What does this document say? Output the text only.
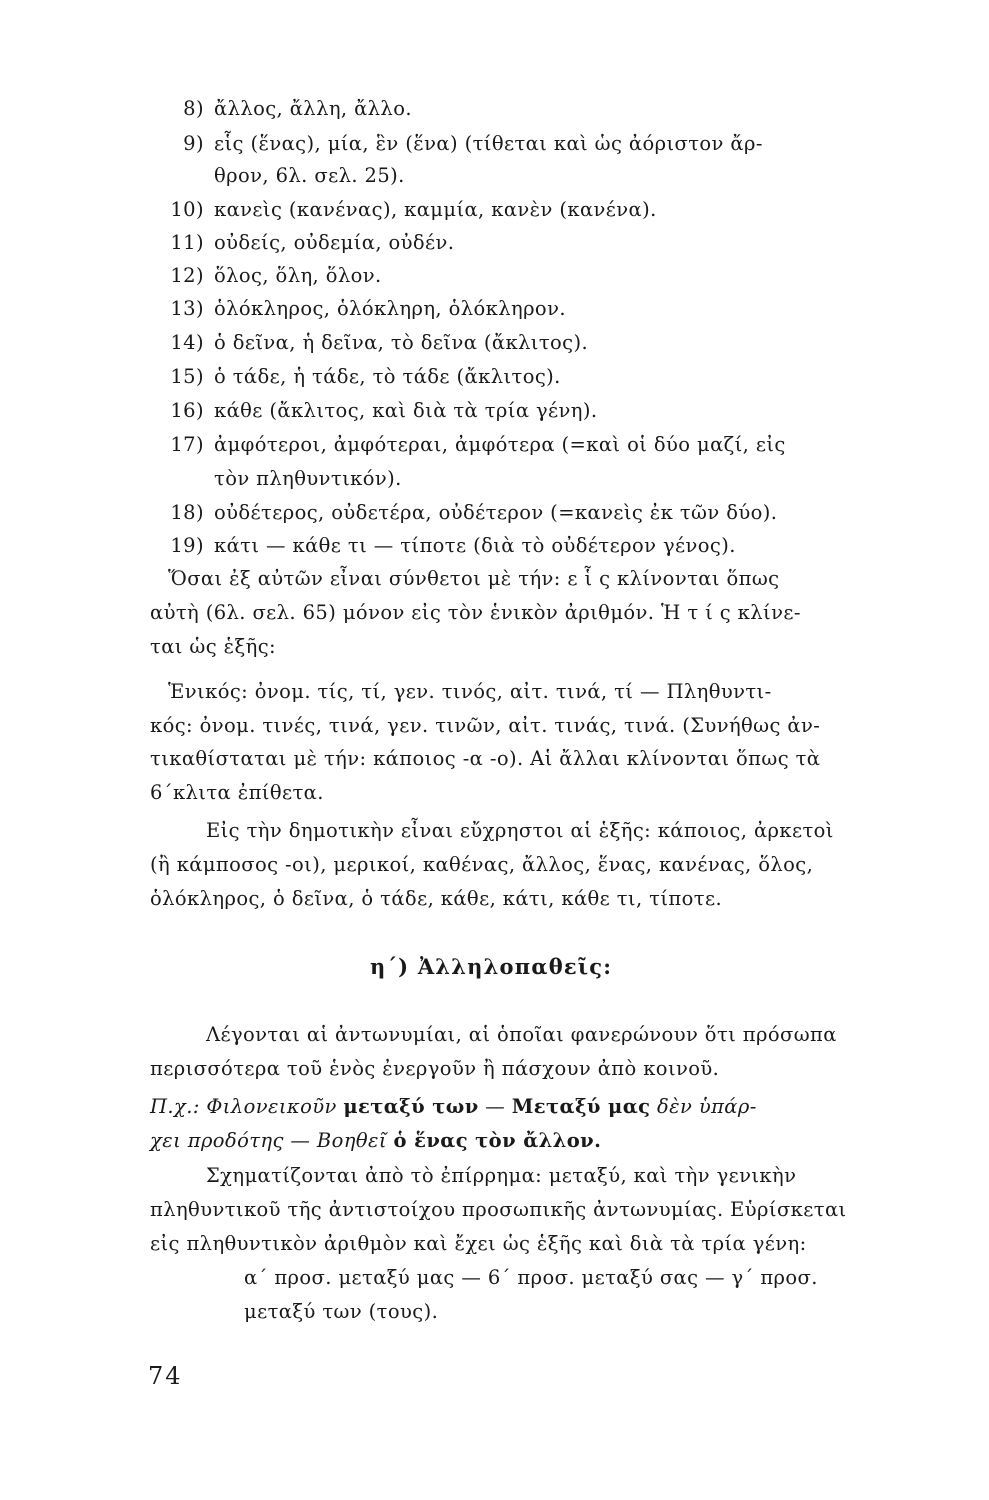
8) ἄλλος, ἄλλη, ἄλλο.
9) εἷς (ἕνας), μία, ἓν (ἕνα) (τίθεται καὶ ὡς ἀόριστον ἄρ-
θρον, 6λ. σελ. 25).
10) κανεὶς (κανένας), καμμία, κανὲν (κανένα).
11) οὐδείς, οὐδεμία, οὐδέν.
12) ὅλος, ὅλη, ὅλον.
13) ὁλόκληρος, ὁλόκληρη, ὁλόκληρον.
14) ὁ δεῖνα, ἡ δεῖνα, τὸ δεῖνα (ἄκλιτος).
15) ὁ τάδε, ἡ τάδε, τὸ τάδε (ἄκλιτος).
16) κάθε (ἄκλιτος, καὶ διὰ τὰ τρία γένη).
17) ἀμφότεροι, ἀμφότεραι, ἀμφότερα (=καὶ οἱ δύο μαζί, εἰς
τὸν πληθυντικόν).
18) οὐδέτερος, οὐδετέρα, οὐδέτερον (=κανεὶς ἐκ τῶν δύο).
19) κάτι — κάθε τι — τίποτε (διὰ τὸ οὐδέτερον γένος).
Ὅσαι ἐξ αὐτῶν εἶναι σύνθετοι μὲ τήν: ε ἷ ς κλίνονται ὅπως
αὐτὴ (6λ. σελ. 65) μόνον εἰς τὸν ἑνικὸν ἀριθμόν. Ἡ τ ί ς κλίνε-
ται ὡς ἑξῆς:
Ἑνικός: ὀνομ. τίς, τί, γεν. τινός, αἰτ. τινά, τί — Πληθυντι-
κός: ὀνομ. τινές, τινά, γεν. τινῶν, αἰτ. τινάς, τινά. (Συνήθως ἀν-
τικαθίσταται μὲ τήν: κάποιος -α -ο). Αἱ ἄλλαι κλίνονται ὅπως τὰ
6΄κλιτα ἐπίθετα.
Εἰς τὴν δημοτικὴν εἶναι εὔχρηστοι αἱ ἑξῆς: κάποιος, ἀρκετοὶ
(ἢ κάμποσος -οι), μερικοί, καθένας, ἄλλος, ἕνας, κανένας, ὅλος,
ὁλόκληρος, ὁ δεῖνα, ὁ τάδε, κάθε, κάτι, κάθε τι, τίποτε.
η΄) Ἀλληλοπαθεῖς:
Λέγονται αἱ ἀντωνυμίαι, αἱ ὁποῖαι φανερώνουν ὅτι πρόσωπα
περισσότερα τοῦ ἑνὸς ἐνεργοῦν ἢ πάσχουν ἀπὸ κοινοῦ.
Π.χ.: Φιλονεικοῦν μεταξύ των — Μεταξύ μας δὲν ὑπάρ-
χει προδότης — Βοηθεῖ ὁ ἕνας τὸν ἄλλον.
Σχηματίζονται ἀπὸ τὸ ἐπίρρημα: μεταξύ, καὶ τὴν γενικὴν
πληθυντικοῦ τῆς ἀντιστοίχου προσωπικῆς ἀντωνυμίας. Εὑρίσκεται
εἰς πληθυντικὸν ἀριθμὸν καὶ ἔχει ὡς ἑξῆς καὶ διὰ τὰ τρία γένη:
α΄ προσ. μεταξύ μας — 6΄ προσ. μεταξύ σας — γ΄ προσ.
μεταξύ των (τους).
74
